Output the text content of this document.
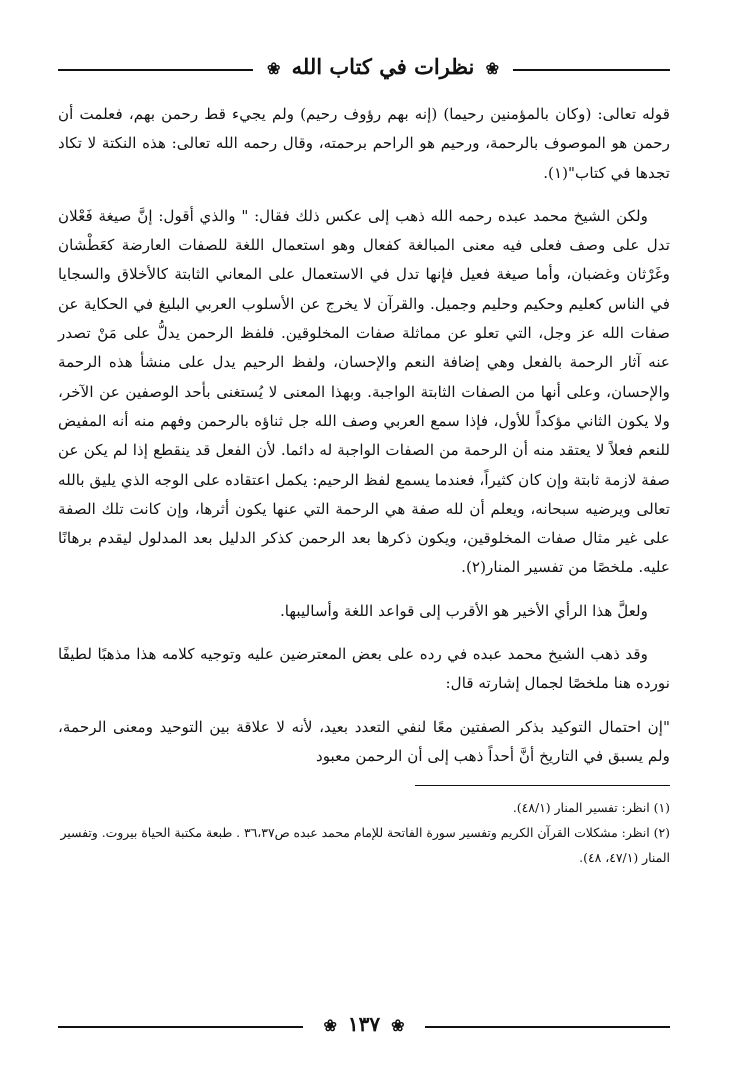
❀ نظرات في كتاب الله ❀

قوله تعالى: (وكان بالمؤمنين رحيما) (إنه بهم رؤوف رحيم) ولم يجيء قط رحمن بهم، فعلمت أن رحمن هو الموصوف بالرحمة، ورحيم هو الراحم برحمته، وقال رحمه الله تعالى: هذه النكتة لا تكاد تجدها في كتاب"(١).

ولكن الشيخ محمد عبده رحمه الله ذهب إلى عكس ذلك فقال: " والذي أقول: إنَّ صيغة فَعْلان تدل على وصف فعلى فيه معنى المبالغة كفعال وهو استعمال اللغة للصفات العارضة كعَطْشان وغَرْثان وغضبان، وأما صيغة فعيل فإنها تدل في الاستعمال على المعاني الثابتة كالأخلاق والسجايا في الناس كعليم وحكيم وحليم وجميل. والقرآن لا يخرج عن الأسلوب العربي البليغ في الحكاية عن صفات الله عز وجل، التي تعلو عن مماثلة صفات المخلوقين. فلفظ الرحمن يدلُّ على مَنْ تصدر عنه آثار الرحمة بالفعل وهي إضافة النعم والإحسان، ولفظ الرحيم يدل على منشأ هذه الرحمة والإحسان، وعلى أنها من الصفات الثابتة الواجبة. وبهذا المعنى لا يُستغنى بأحد الوصفين عن الآخر، ولا يكون الثاني مؤكداً للأول، فإذا سمع العربي وصف الله جل ثناؤه بالرحمن وفهم منه أنه المفيض للنعم فعلاً لا يعتقد منه أن الرحمة من الصفات الواجبة له دائما. لأن الفعل قد ينقطع إذا لم يكن عن صفة لازمة ثابتة وإن كان كثيراً، فعندما يسمع لفظ الرحيم: يكمل اعتقاده على الوجه الذي يليق بالله تعالى ويرضيه سبحانه، ويعلم أن لله صفة هي الرحمة التي عنها يكون أثرها، وإن كانت تلك الصفة على غير مثال صفات المخلوقين، ويكون ذكرها بعد الرحمن كذكر الدليل بعد المدلول ليقدم برهانًا عليه. ملخصًا من تفسير المنار(٢).

ولعلَّ هذا الرأي الأخير هو الأقرب إلى قواعد اللغة وأساليبها.

وقد ذهب الشيخ محمد عبده في رده على بعض المعترضين عليه وتوجيه كلامه هذا مذهبًا لطيفًا نورده هنا ملخصًا لجمال إشارته قال:

"إن احتمال التوكيد بذكر الصفتين معًا لنفي التعدد بعيد، لأنه لا علاقة بين التوحيد ومعنى الرحمة، ولم يسبق في التاريخ أنَّ أحداً ذهب إلى أن الرحمن معبود

(١) انظر: تفسير المنار (٤٨/١).

(٢) انظر: مشكلات القرآن الكريم وتفسير سورة الفاتحة للإمام محمد عبده ص٣٦،٣٧ . طبعة مكتبة الحياة بيروت. وتفسير المنار (٤٧/١، ٤٨).

❀ ١٣٧ ❀
